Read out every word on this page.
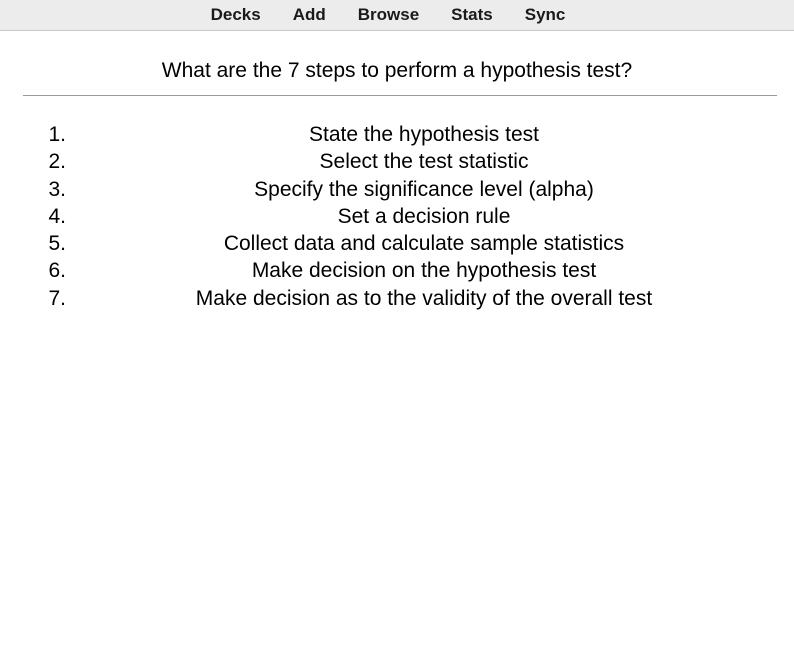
Decks Add Browse Stats Sync
What are the 7 steps to perform a hypothesis test?
1.	State the hypothesis test
2.	Select the test statistic
3.	Specify the significance level (alpha)
4.	Set a decision rule
5.	Collect data and calculate sample statistics
6.	Make decision on the hypothesis test
7.	Make decision as to the validity of the overall test
